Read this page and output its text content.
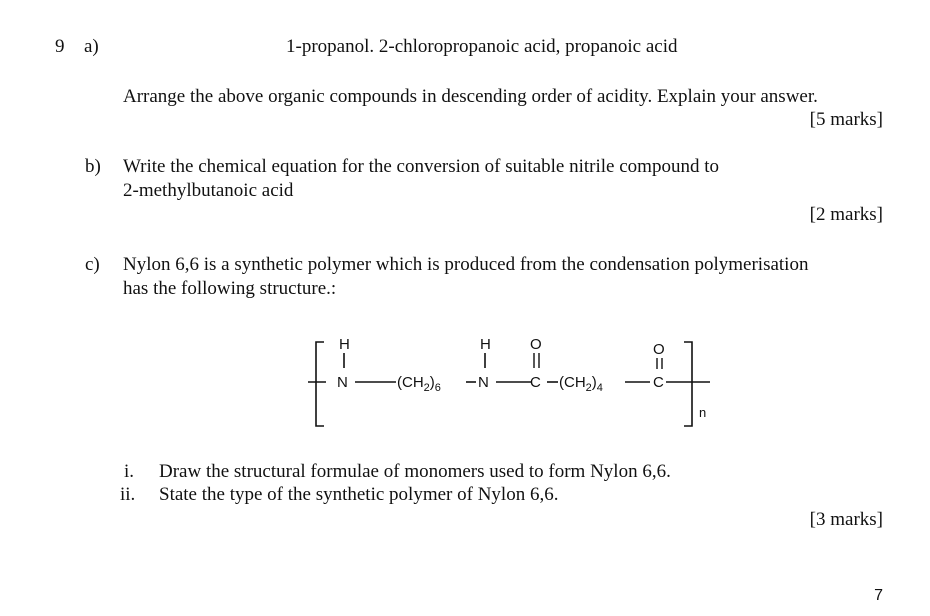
9 a)	1-propanol. 2-chloropropanoic acid, propanoic acid
Arrange the above organic compounds in descending order of acidity. Explain your answer.
[5 marks]
b) Write the chemical equation for the conversion of suitable nitrile compound to
2-methylbutanoic acid
[2 marks]
c) Nylon 6,6 is a synthetic polymer which is produced from the condensation polymerisation
has the following structure.:
H
N	$(CH_2)_6$
H
N
O
C $(CH_2)_4$
O
C
n
i. Draw the structural formulae of monomers used to form Nylon 6,6.
ii. State the type of the synthetic polymer of Nylon 6,6.
[3 marks]
7
